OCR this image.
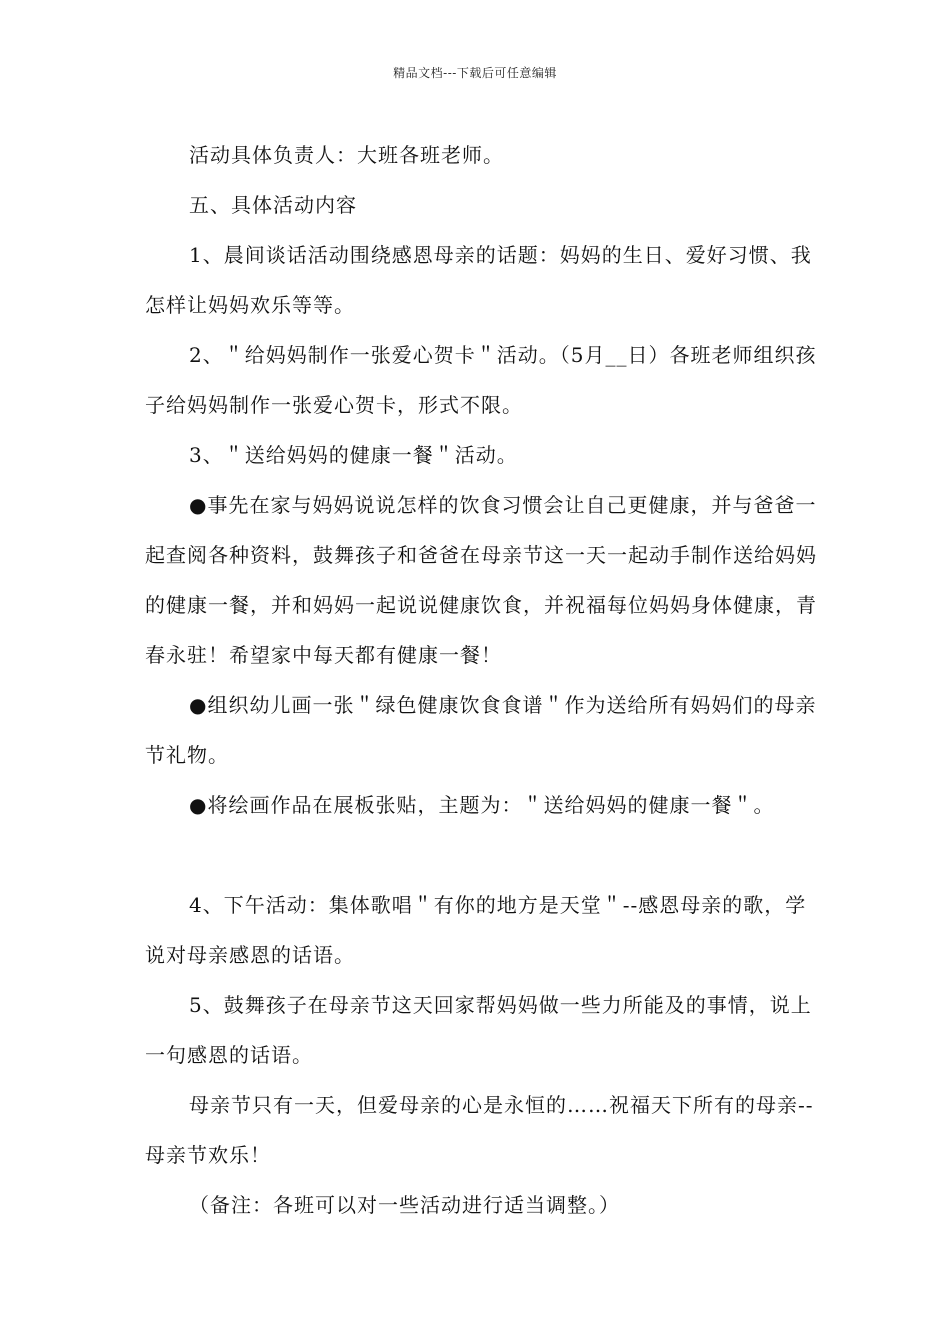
精品文档---下载后可任意编辑

活动具体负责人：大班各班老师。

五、具体活动内容

1、晨间谈话活动围绕感恩母亲的话题：妈妈的生日、爱好习惯、我怎样让妈妈欢乐等等。

2、＂给妈妈制作一张爱心贺卡＂活动。（5月__日）各班老师组织孩子给妈妈制作一张爱心贺卡，形式不限。

3、＂送给妈妈的健康一餐＂活动。

●事先在家与妈妈说说怎样的饮食习惯会让自己更健康，并与爸爸一起查阅各种资料，鼓舞孩子和爸爸在母亲节这一天一起动手制作送给妈妈的健康一餐，并和妈妈一起说说健康饮食，并祝福每位妈妈身体健康，青春永驻！希望家中每天都有健康一餐！

●组织幼儿画一张＂绿色健康饮食食谱＂作为送给所有妈妈们的母亲节礼物。

●将绘画作品在展板张贴，主题为：＂送给妈妈的健康一餐＂。

4、下午活动：集体歌唱＂有你的地方是天堂＂--感恩母亲的歌，学说对母亲感恩的话语。

5、鼓舞孩子在母亲节这天回家帮妈妈做一些力所能及的事情，说上一句感恩的话语。

母亲节只有一天，但爱母亲的心是永恒的……祝福天下所有的母亲--母亲节欢乐！

（备注：各班可以对一些活动进行适当调整。）
